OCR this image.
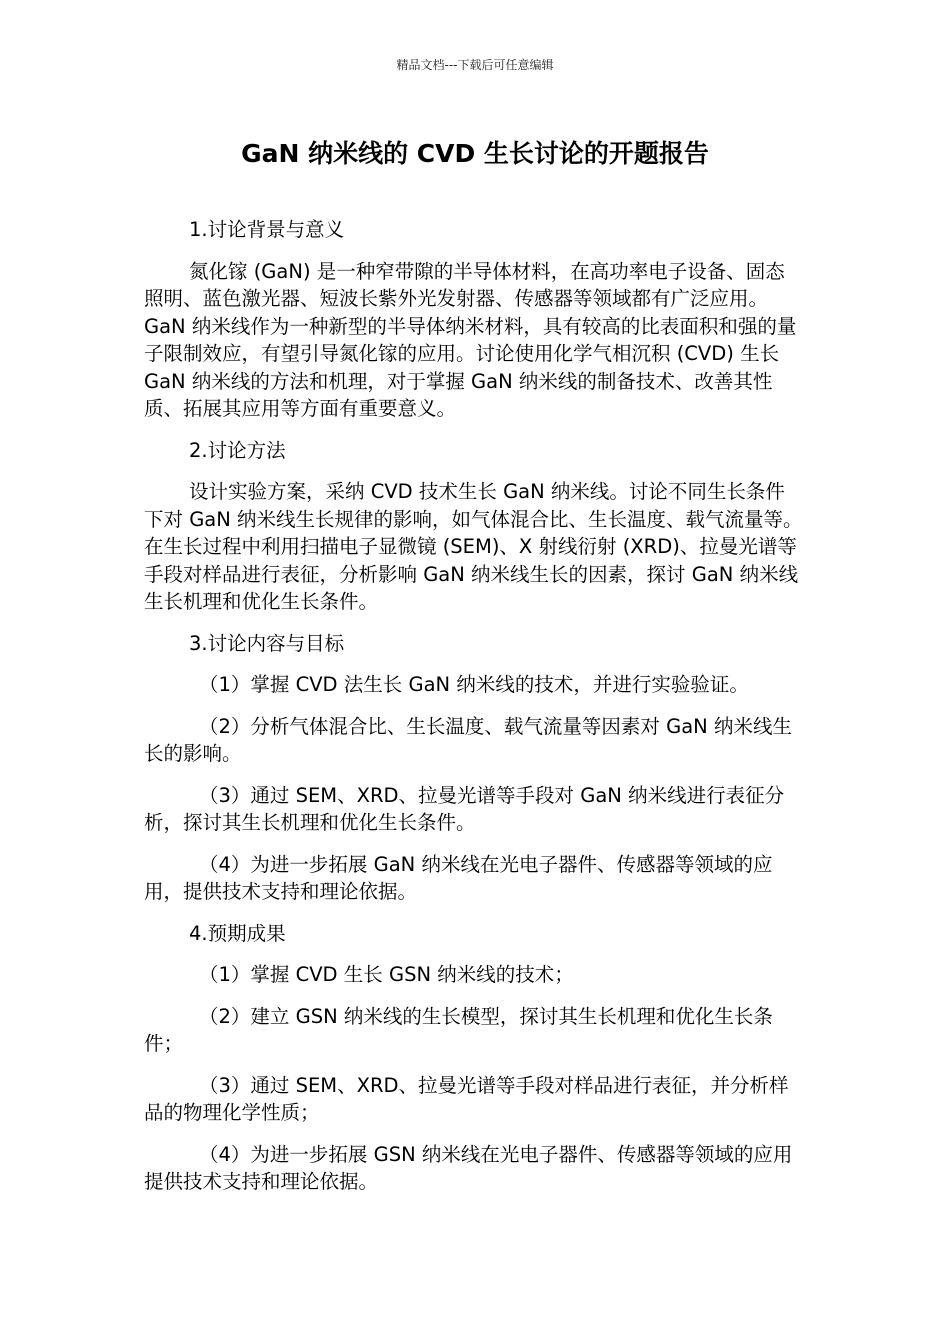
精品文档---下载后可任意编辑
GaN 纳米线的 CVD 生长讨论的开题报告

1.讨论背景与意义

氮化镓 (GaN) 是一种窄带隙的半导体材料，在高功率电子设备、固态照明、蓝色激光器、短波长紫外光发射器、传感器等领域都有广泛应用。GaN 纳米线作为一种新型的半导体纳米材料，具有较高的比表面积和强的量子限制效应，有望引导氮化镓的应用。讨论使用化学气相沉积 (CVD) 生长 GaN 纳米线的方法和机理，对于掌握 GaN 纳米线的制备技术、改善其性质、拓展其应用等方面有重要意义。

2.讨论方法

设计实验方案，采纳 CVD 技术生长 GaN 纳米线。讨论不同生长条件下对 GaN 纳米线生长规律的影响，如气体混合比、生长温度、载气流量等。在生长过程中利用扫描电子显微镜 (SEM)、X 射线衍射 (XRD)、拉曼光谱等手段对样品进行表征，分析影响 GaN 纳米线生长的因素，探讨 GaN 纳米线生长机理和优化生长条件。

3.讨论内容与目标

（1）掌握 CVD 法生长 GaN 纳米线的技术，并进行实验验证。

（2）分析气体混合比、生长温度、载气流量等因素对 GaN 纳米线生长的影响。

（3）通过 SEM、XRD、拉曼光谱等手段对 GaN 纳米线进行表征分析，探讨其生长机理和优化生长条件。

（4）为进一步拓展 GaN 纳米线在光电子器件、传感器等领域的应用，提供技术支持和理论依据。

4.预期成果

（1）掌握 CVD 生长 GSN 纳米线的技术；

（2）建立 GSN 纳米线的生长模型，探讨其生长机理和优化生长条件；

（3）通过 SEM、XRD、拉曼光谱等手段对样品进行表征，并分析样品的物理化学性质；

（4）为进一步拓展 GSN 纳米线在光电子器件、传感器等领域的应用提供技术支持和理论依据。
